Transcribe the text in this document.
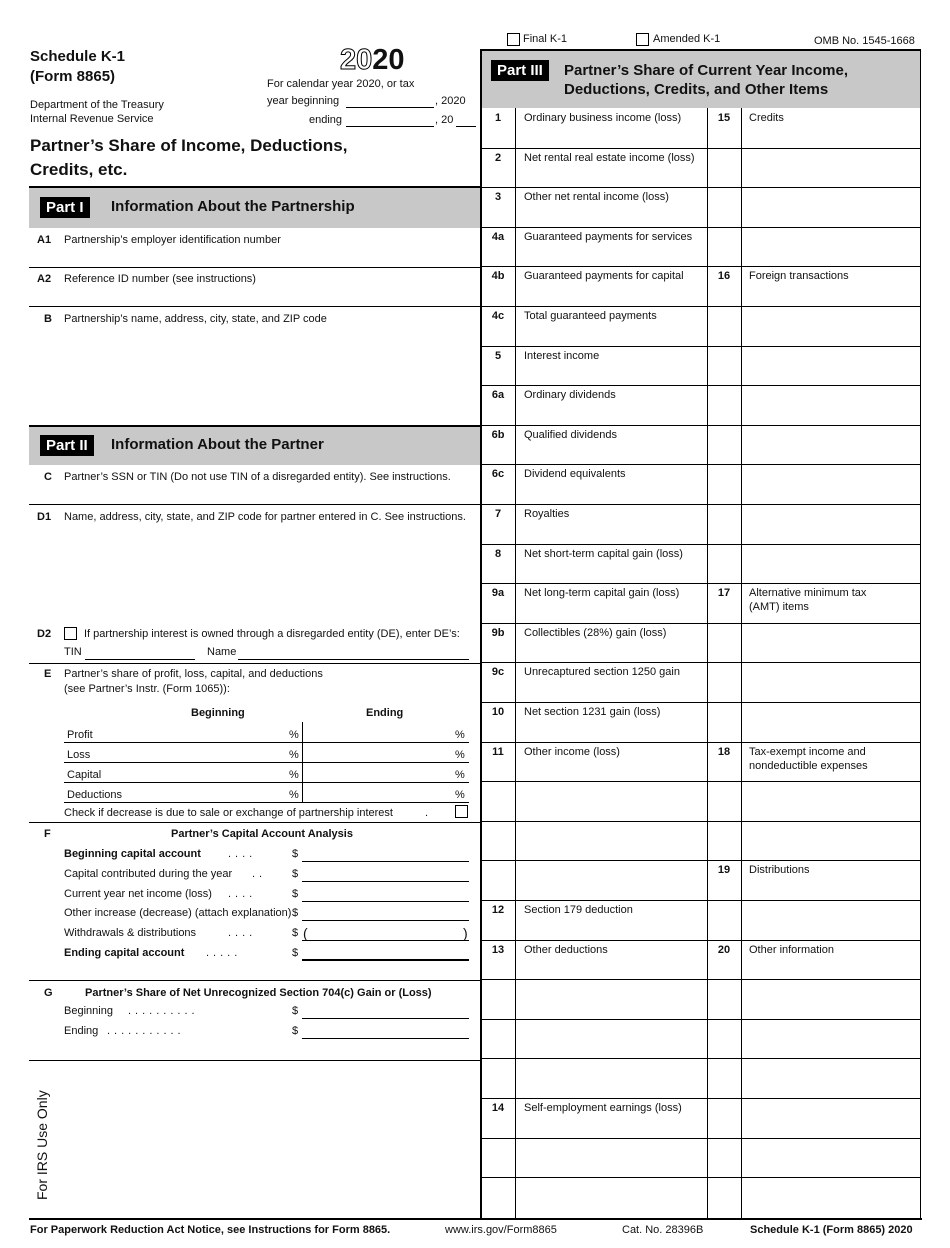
Schedule K-1
(Form 8865)
2020
For calendar year 2020, or tax
year beginning	, 2020
ending	, 20
Department of the Treasury
Internal Revenue Service
Partner’s Share of Income, Deductions,
Credits, etc.
Final K-1	Amended K-1	OMB No. 1545-1668
Part I	Information About the Partnership
A1 Partnership’s employer identification number
A2 Reference ID number (see instructions)
B Partnership’s name, address, city, state, and ZIP code
Part II	Information About the Partner
C Partner’s SSN or TIN (Do not use TIN of a disregarded entity). See instructions.
D1 Name, address, city, state, and ZIP code for partner entered in C. See instructions.
D2	If partnership interest is owned through a disregarded entity (DE), enter DE’s:
TIN	Name
E Partner’s share of profit, loss, capital, and deductions
(see Partner’s Instr. (Form 1065)):
Beginning	Ending
Profit	%	%
Loss	%	%
Capital	%	%
Deductions	%	%
Check if decrease is due to sale or exchange of partnership interest	.
F	Partner’s Capital Account Analysis
Beginning capital account ....	$
Capital contributed during the year .. $
Current year net income (loss) ....	$
Other increase (decrease) (attach explanation) $
Withdrawals & distributions	....	$ (	)
Ending capital account .....	$
G	Partner’s Share of Net Unrecognized Section 704(c) Gain or (Loss)
Beginning ..........	$
Ending ...........	$
For IRS Use Only
Part III	Partner’s Share of Current Year Income,
Deductions, Credits, and Other Items
1	Ordinary business income (loss)
2	Net rental real estate income (loss)
3	Other net rental income (loss)
4a	Guaranteed payments for services
4b	Guaranteed payments for capital
4c	Total guaranteed payments
5	Interest income
6a	Ordinary dividends
6b	Qualified dividends
6c	Dividend equivalents
7	Royalties
8	Net short-term capital gain (loss)
9a	Net long-term capital gain (loss)
9b	Collectibles (28%) gain (loss)
9c	Unrecaptured section 1250 gain
10	Net section 1231 gain (loss)
11	Other income (loss)
12	Section 179 deduction
13	Other deductions
14	Self-employment earnings (loss)
15	Credits
16	Foreign transactions
17	Alternative minimum tax
(AMT) items
18	Tax-exempt income and
nondeductible expenses
19	Distributions
20	Other information
For Paperwork Reduction Act Notice, see Instructions for Form 8865.	www.irs.gov/Form8865	Cat. No. 28396B	Schedule K-1 (Form 8865) 2020
